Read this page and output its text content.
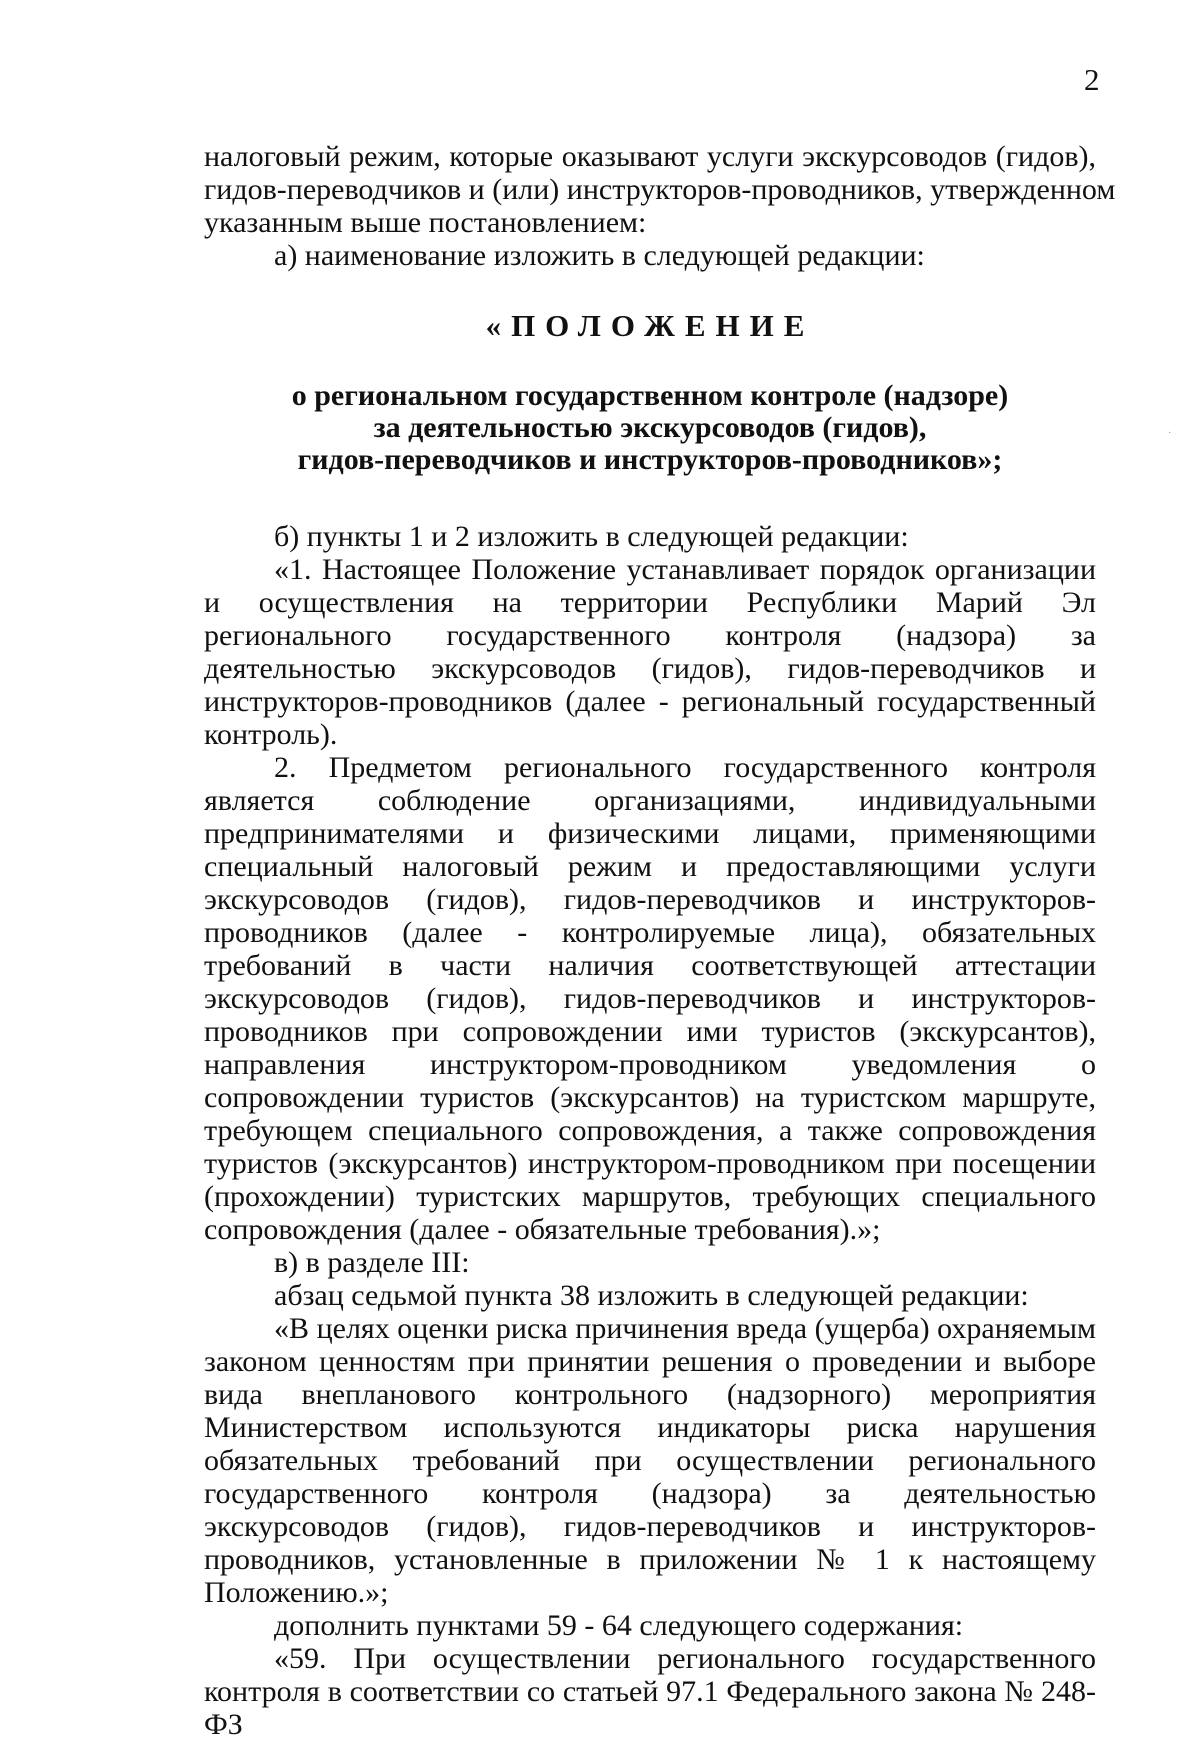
2
·

налоговый режим, которые оказывают услуги экскурсоводов (гидов),
гидов-переводчиков и (или) инструкторов-проводников, утвержденном
указанным выше постановлением:

а) наименование изложить в следующей редакции:

«ПОЛОЖЕНИЕ
о региональном государственном контроле (надзоре)
за деятельностью экскурсоводов (гидов),
гидов-переводчиков и инструкторов-проводников»;

б) пункты 1 и 2 изложить в следующей редакции:

«1. Настоящее Положение устанавливает порядок организации и осуществления на территории Республики Марий Эл регионального государственного контроля (надзора) за деятельностью экскурсоводов (гидов), гидов-переводчиков и инструкторов-проводников (далее - региональный государственный контроль).

2. Предметом регионального государственного контроля является соблюдение организациями, индивидуальными предпринимателями и физическими лицами, применяющими специальный налоговый режим и предоставляющими услуги экскурсоводов (гидов), гидов-переводчиков и инструкторов-проводников (далее - контролируемые лица), обязательных требований в части наличия соответствующей аттестации экскурсоводов (гидов), гидов-переводчиков и инструкторов-проводников при сопровождении ими туристов (экскурсантов), направления инструктором-проводником уведомления о сопровождении туристов (экскурсантов) на туристском маршруте, требующем специального сопровождения, а также сопровождения туристов (экскурсантов) инструктором-проводником при посещении (прохождении) туристских маршрутов, требующих специального сопровождения (далее - обязательные требования).»;

в) в разделе III:

абзац седьмой пункта 38 изложить в следующей редакции:

«В целях оценки риска причинения вреда (ущерба) охраняемым законом ценностям при принятии решения о проведении и выборе вида внепланового контрольного (надзорного) мероприятия Министерством используются индикаторы риска нарушения обязательных требований при осуществлении регионального государственного контроля (надзора) за деятельностью экскурсоводов (гидов), гидов-переводчиков и инструкторов-проводников, установленные в приложении № 1 к настоящему Положению.»;

дополнить пунктами 59 - 64 следующего содержания:

«59. При осуществлении регионального государственного контроля в соответствии со статьей 97.1 Федерального закона № 248-ФЗ
